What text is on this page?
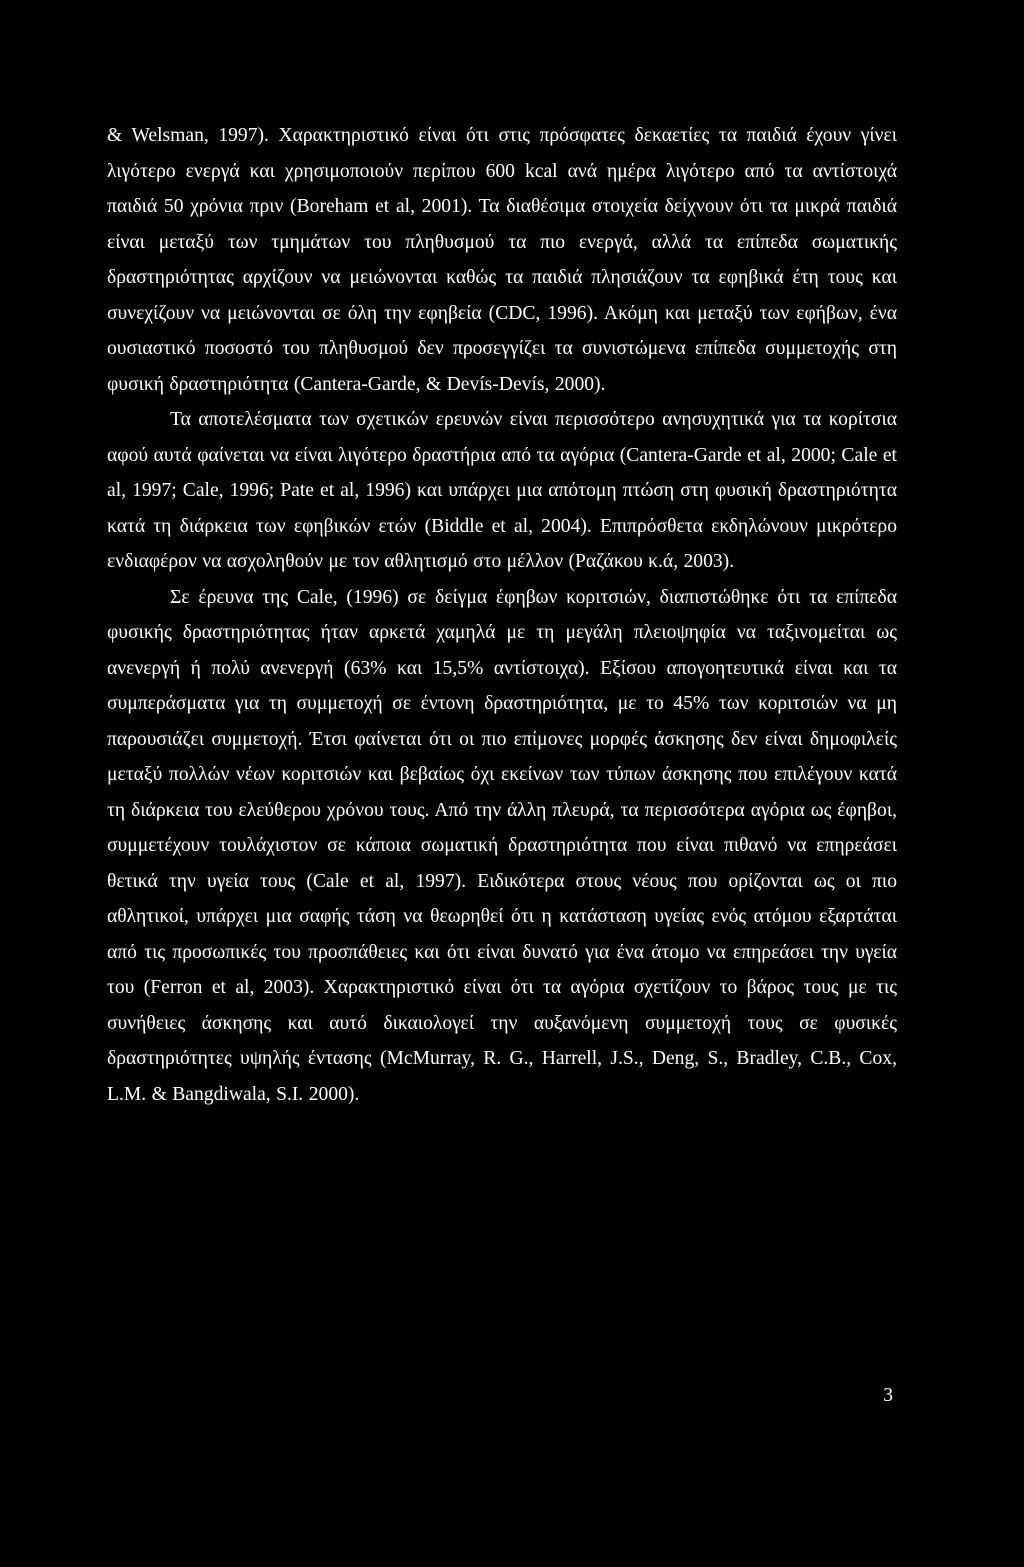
& Welsman, 1997). Χαρακτηριστικό είναι ότι στις πρόσφατες δεκαετίες τα παιδιά έχουν γίνει λιγότερο ενεργά και χρησιμοποιούν περίπου 600 kcal ανά ημέρα λιγότερο από τα αντίστοιχά παιδιά 50 χρόνια πριν (Boreham et al, 2001). Τα διαθέσιμα στοιχεία δείχνουν ότι τα μικρά παιδιά είναι μεταξύ των τμημάτων του πληθυσμού τα πιο ενεργά, αλλά τα επίπεδα σωματικής δραστηριότητας αρχίζουν να μειώνονται καθώς τα παιδιά πλησιάζουν τα εφηβικά έτη τους και συνεχίζουν να μειώνονται σε όλη την εφηβεία (CDC, 1996). Ακόμη και μεταξύ των εφήβων, ένα ουσιαστικό ποσοστό του πληθυσμού δεν προσεγγίζει τα συνιστώμενα επίπεδα συμμετοχής στη φυσική δραστηριότητα (Cantera-Garde, & Devís-Devís, 2000).

Τα αποτελέσματα των σχετικών ερευνών είναι περισσότερο ανησυχητικά για τα κορίτσια αφού αυτά φαίνεται να είναι λιγότερο δραστήρια από τα αγόρια (Cantera-Garde et al, 2000; Cale et al, 1997; Cale, 1996; Pate et al, 1996) και υπάρχει μια απότομη πτώση στη φυσική δραστηριότητα κατά τη διάρκεια των εφηβικών ετών (Biddle et al, 2004). Επιπρόσθετα εκδηλώνουν μικρότερο ενδιαφέρον να ασχοληθούν με τον αθλητισμό στο μέλλον (Ραζάκου κ.ά, 2003).

Σε έρευνα της Cale, (1996) σε δείγμα έφηβων κοριτσιών, διαπιστώθηκε ότι τα επίπεδα φυσικής δραστηριότητας ήταν αρκετά χαμηλά με τη μεγάλη πλειοψηφία να ταξινομείται ως ανενεργή ή πολύ ανενεργή (63% και 15,5% αντίστοιχα). Εξίσου απογοητευτικά είναι και τα συμπεράσματα για τη συμμετοχή σε έντονη δραστηριότητα, με το 45% των κοριτσιών να μη παρουσιάζει συμμετοχή. Έτσι φαίνεται ότι οι πιο επίμονες μορφές άσκησης δεν είναι δημοφιλείς μεταξύ πολλών νέων κοριτσιών και βεβαίως όχι εκείνων των τύπων άσκησης που επιλέγουν κατά τη διάρκεια του ελεύθερου χρόνου τους. Από την άλλη πλευρά, τα περισσότερα αγόρια ως έφηβοι, συμμετέχουν τουλάχιστον σε κάποια σωματική δραστηριότητα που είναι πιθανό να επηρεάσει θετικά την υγεία τους (Cale et al, 1997). Ειδικότερα στους νέους που ορίζονται ως οι πιο αθλητικοί, υπάρχει μια σαφής τάση να θεωρηθεί ότι η κατάσταση υγείας ενός ατόμου εξαρτάται από τις προσωπικές του προσπάθειες και ότι είναι δυνατό για ένα άτομο να επηρεάσει την υγεία του (Ferron et al, 2003). Χαρακτηριστικό είναι ότι τα αγόρια σχετίζουν το βάρος τους με τις συνήθειες άσκησης και αυτό δικαιολογεί την αυξανόμενη συμμετοχή τους σε φυσικές δραστηριότητες υψηλής έντασης (McMurray, R. G., Harrell, J.S., Deng, S., Bradley, C.B., Cox, L.M. & Bangdiwala, S.I. 2000).

3
